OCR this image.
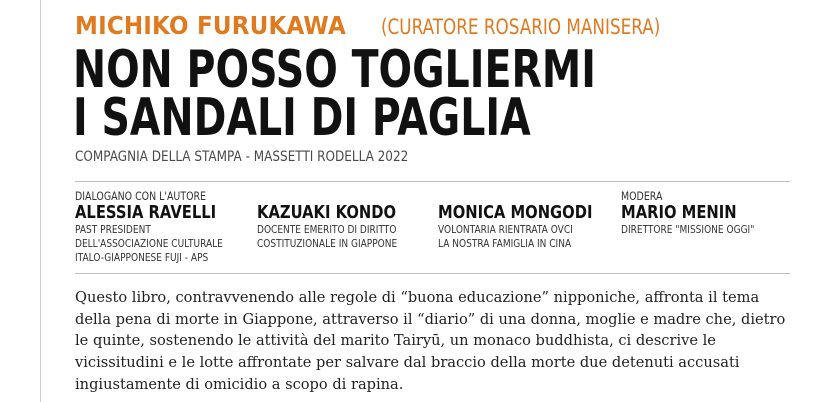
MICHIKO FURUKAWA (CURATORE ROSARIO MANISERA)
NON POSSO TOGLIERMI
I SANDALI DI PAGLIA
COMPAGNIA DELLA STAMPA - MASSETTI RODELLA 2022
DIALOGANO CON L'AUTORE
ALESSIA RAVELLI
PAST PRESIDENT
DELL'ASSOCIAZIONE CULTURALE
ITALO-GIAPPONESE FUJI - APS
KAZUAKI KONDO
DOCENTE EMERITO DI DIRITTO
COSTITUZIONALE IN GIAPPONE
MONICA MONGODI
VOLONTARIA RIENTRATA OVCI
LA NOSTRA FAMIGLIA IN CINA
MODERA
MARIO MENIN
DIRETTORE "MISSIONE OGGI"

Questo libro, contravvenendo alle regole di “buona educazione” nipponiche, affronta il tema
della pena di morte in Giappone, attraverso il “diario” di una donna, moglie e madre che, dietro
le quinte, sostenendo le attività del marito Tairyū, un monaco buddhista, ci descrive le
vicissitudini e le lotte affrontate per salvare dal braccio della morte due detenuti accusati
ingiustamente di omicidio a scopo di rapina.
